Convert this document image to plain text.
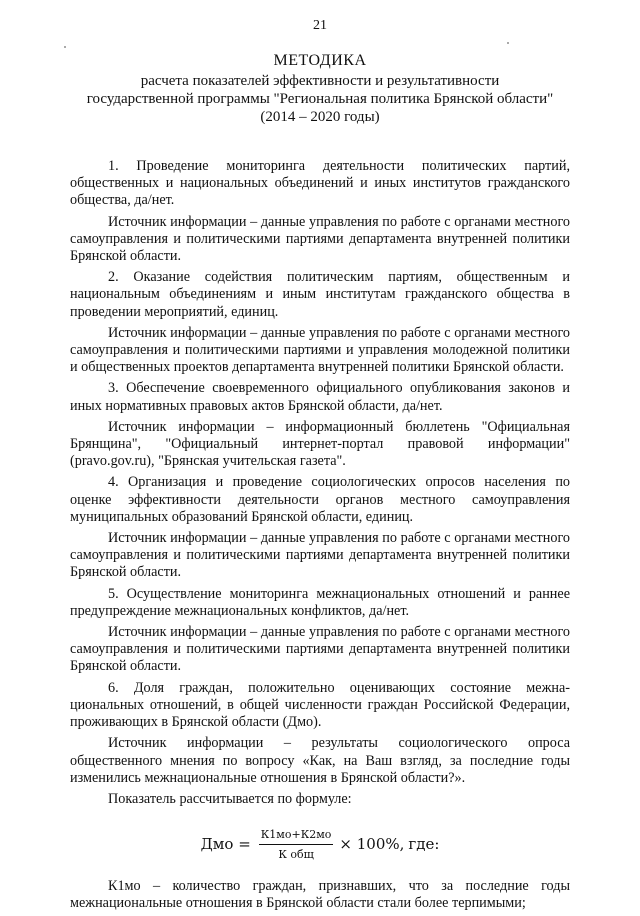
21
МЕТОДИКА
расчета показателей эффективности и результативности
государственной программы "Региональная политика Брянской области"
(2014 – 2020 годы)

1. Проведение мониторинга деятельности политических партий, общественных и национальных объединений и иных институтов гражданского общества, да/нет.

Источник информации – данные управления по работе с органами местного самоуправления и политическими партиями департамента внутренней политики Брянской области.

2. Оказание содействия политическим партиям, общественным и национальным объединениям и иным институтам гражданского общества в проведении мероприятий, единиц.

Источник информации – данные управления по работе с органами местного самоуправления и политическими партиями и управления молодежной политики и общественных проектов департамента внутренней политики Брянской области.

3. Обеспечение своевременного официального опубликования законов и иных нормативных правовых актов Брянской области, да/нет.

Источник информации – информационный бюллетень "Официальная Брянщина", "Официальный интернет-портал правовой информации" (pravo.gov.ru), "Брянская учительская газета".

4. Организация и проведение социологических опросов населения по оценке эффективности деятельности органов местного самоуправления муниципальных образований Брянской области, единиц.

Источник информации – данные управления по работе с органами местного самоуправления и политическими партиями департамента внутренней политики Брянской области.

5. Осуществление мониторинга межнациональных отношений и раннее предупреждение межнациональных конфликтов, да/нет.

Источник информации – данные управления по работе с органами местного самоуправления и политическими партиями департамента внутренней политики Брянской области.

6. Доля граждан, положительно оценивающих состояние межна-циональных отношений, в общей численности граждан Российской Федерации, проживающих в Брянской области (Дмо).

Источник информации – результаты социологического опроса общественного мнения по вопросу «Как, на Ваш взгляд, за последние годы изменились межнациональные отношения в Брянской области?».

Показатель рассчитывается по формуле:

Дмо = $\frac{К1мо+К2мо}{\text{К общ}} \times 100\%$, где:

К1мо – количество граждан, признавших, что за последние годы межнациональные отношения в Брянской области стали более терпимыми;
